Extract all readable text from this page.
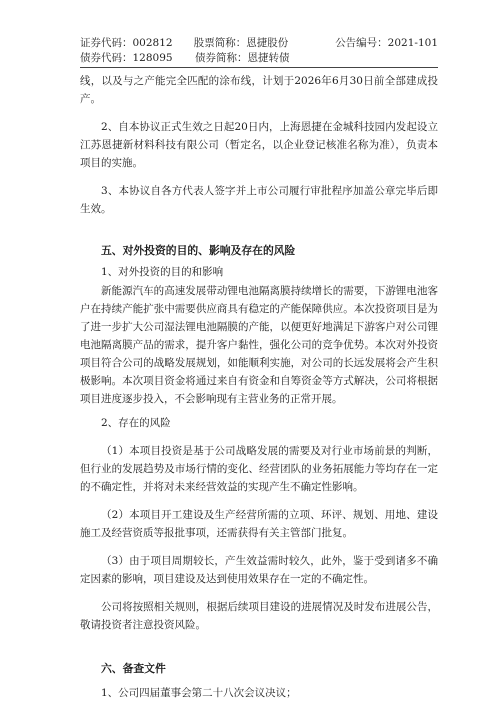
证券代码：002812	股票简称：恩捷股份	公告编号：2021-101
债券代码：128095	债券简称：恩捷转债

线，以及与之产能完全匹配的涂布线，计划于2026年6月30日前全部建成投产。

2、自本协议正式生效之日起20日内，上海恩捷在金城科技园内发起设立江苏恩捷新材料科技有限公司（暂定名，以企业登记核准名称为准），负责本项目的实施。

3、本协议自各方代表人签字并上市公司履行审批程序加盖公章完毕后即生效。

五、对外投资的目的、影响及存在的风险

1、对外投资的目的和影响

新能源汽车的高速发展带动锂电池隔离膜持续增长的需要，下游锂电池客户在持续产能扩张中需要供应商具有稳定的产能保障供应。本次投资项目是为了进一步扩大公司湿法锂电池隔膜的产能，以便更好地满足下游客户对公司锂电池隔离膜产品的需求，提升客户黏性，强化公司的竞争优势。本次对外投资项目符合公司的战略发展规划，如能顺利实施，对公司的长远发展将会产生积极影响。本次项目资金将通过来自有资金和自筹资金等方式解决，公司将根据项目进度逐步投入，不会影响现有主营业务的正常开展。

2、存在的风险

（1）本项目投资是基于公司战略发展的需要及对行业市场前景的判断，但行业的发展趋势及市场行情的变化、经营团队的业务拓展能力等均存在一定的不确定性，并将对未来经营效益的实现产生不确定性影响。

（2）本项目开工建设及生产经营所需的立项、环评、规划、用地、建设施工及经营资质等报批事项，还需获得有关主管部门批复。

（3）由于项目周期较长，产生效益需时较久，此外，鉴于受到诸多不确定因素的影响，项目建设及达到使用效果存在一定的不确定性。

公司将按照相关规则，根据后续项目建设的进展情况及时发布进展公告，敬请投资者注意投资风险。

六、备查文件

1、公司四届董事会第二十八次会议决议；
